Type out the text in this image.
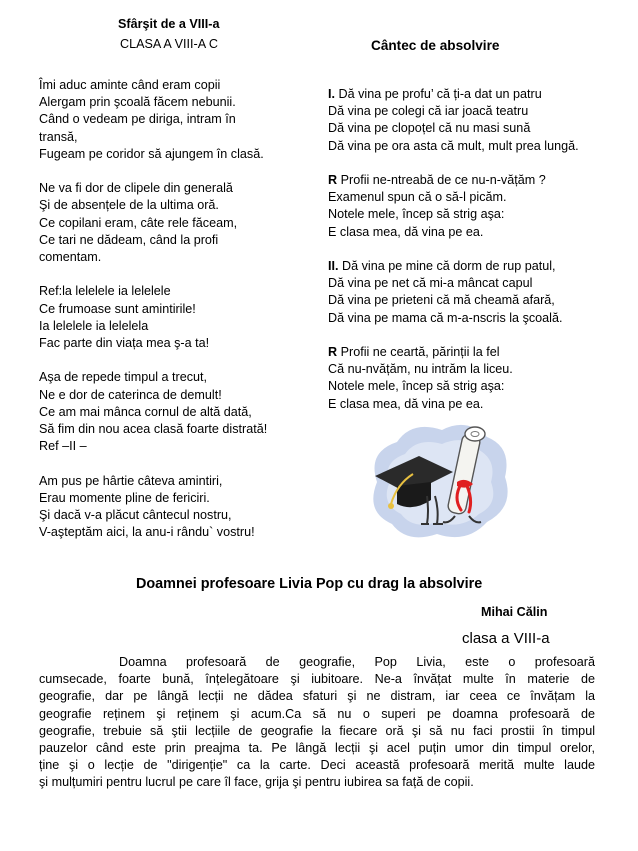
Sfârşit de a VIII-a
CLASA A VIII-A C
Îmi aduc aminte când eram copii
Alergam prin şcoală făcem nebunii.
Când o vedeam pe diriga, intram în
transă,
Fugeam pe coridor să ajungem în clasă.
Ne va fi dor de clipele din generală
Şi de absențele de la ultima oră.
Ce copilani eram, câte rele făceam,
Ce tari ne dădeam, când la profi
comentam.
Ref:la lelelele ia lelelele
Ce frumoase sunt amintirile!
Ia lelelele ia lelelela
Fac parte din viața mea ş-a ta!
Aşa de repede timpul a trecut,
Ne e dor de caterinca de demult!
Ce am mai mânca cornul de altă dată,
Să fim din nou acea clasă foarte distrată!
Ref –II –
Am pus pe hârtie câteva amintiri,
Erau momente pline de fericiri.
Şi dacă v-a plăcut cântecul nostru,
V-aşteptăm aici, la anu-i rându` vostru!
Cântec de absolvire
I. Dă vina pe profu’ că ți-a dat un patru
Dă vina pe colegi că iar joacă teatru
Dă vina pe clopoțel că nu masi sună
Dă vina pe ora asta că mult, mult prea lungă.
R Profii ne-ntreabă de ce nu-n-vățăm ?
Examenul spun că o să-l picăm.
Notele mele, încep să strig aşa:
E clasa mea, dă vina pe ea.
II. Dă vina pe mine că dorm de rup patul,
Dă vina pe net că mi-a mâncat capul
Dă vina pe prieteni că mă cheamă afară,
Dă vina pe mama că m-a-nscris la şcoală.
R Profii ne ceartă, părinții la fel
Că nu-nvățăm, nu intrăm la liceu.
Notele mele, încep să strig aşa:
E clasa mea, dă vina pe ea.
Doamnei profesoare Livia Pop cu drag la absolvire
Mihai Călin
clasa a VIII-a
Doamna profesoară de geografie, Pop Livia, este o profesoară
cumsecade, foarte bună, înțelegătoare şi iubitoare. Ne-a învățat multe în materie de
geografie, dar pe lângă lecții ne dădea sfaturi şi ne distram, iar ceea ce învățam la
geografie reținem şi reținem şi acum.Ca să nu o superi pe doamna profesoară de
geografie, trebuie să ştii lecțiile de geografie la fiecare oră şi să nu faci prostii în timpul
pauzelor când este prin preajma ta. Pe lângă lecții şi acel puțin umor din timpul orelor,
ține şi o lecție de "dirigenție" ca la carte. Deci această profesoară merită multe laude
şi mulțumiri pentru lucrul pe care îl face, grija şi pentru iubirea sa față de copii.
